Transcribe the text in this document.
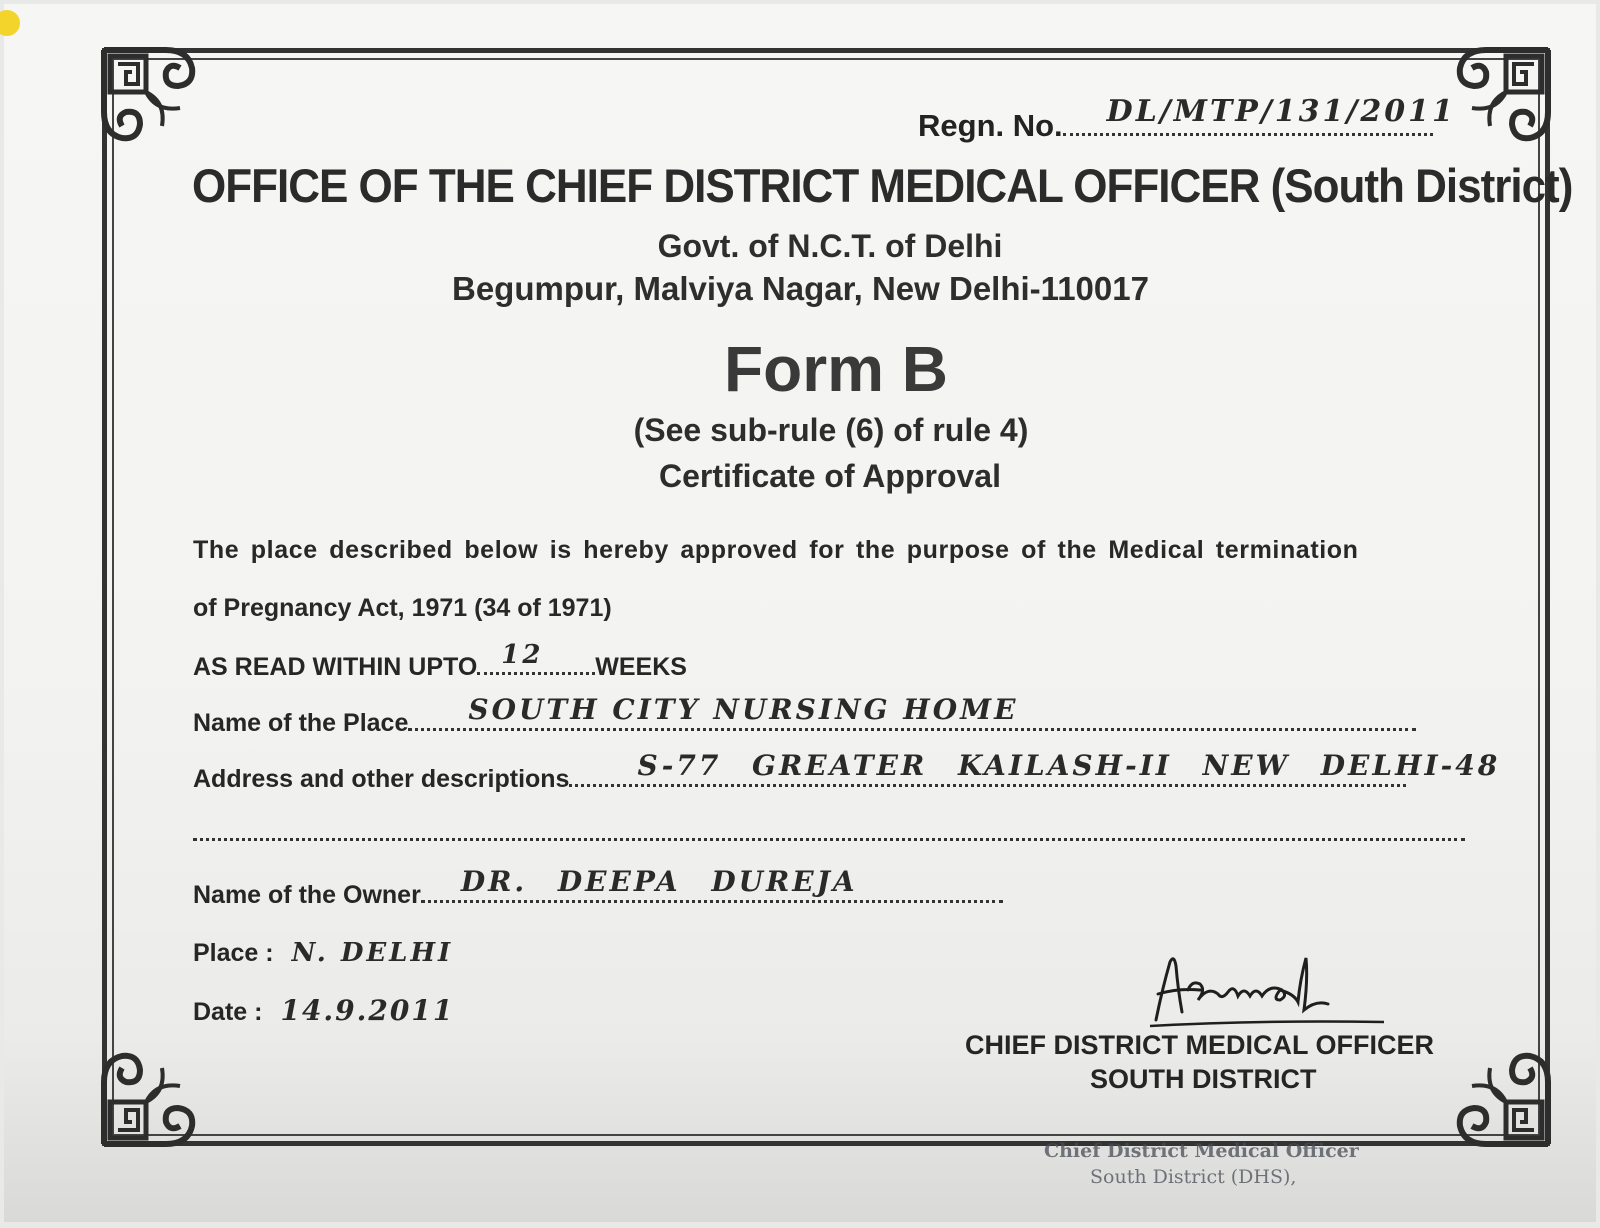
Regn. No. DL/MTP/131/2011
OFFICE OF THE CHIEF DISTRICT MEDICAL OFFICER (South District)
Govt. of N.C.T. of Delhi
Begumpur, Malviya Nagar, New Delhi-110017
Form B
(See sub-rule (6) of rule 4)
Certificate of Approval
The place described below is hereby approved for the purpose of the Medical termination
of Pregnancy Act, 1971 (34 of 1971)
AS READ WITHIN UPTO 12 WEEKS
Name of the Place SOUTH CITY NURSING HOME
Address and other descriptions S-77 GREATER KAILASH-II NEW DELHI-48
Name of the Owner DR. DEEPA DUREJA
Place : N. DELHI
Date : 14.9.2011
CHIEF DISTRICT MEDICAL OFFICER
SOUTH DISTRICT
Chief District Medical Officer
South District (DHS),
